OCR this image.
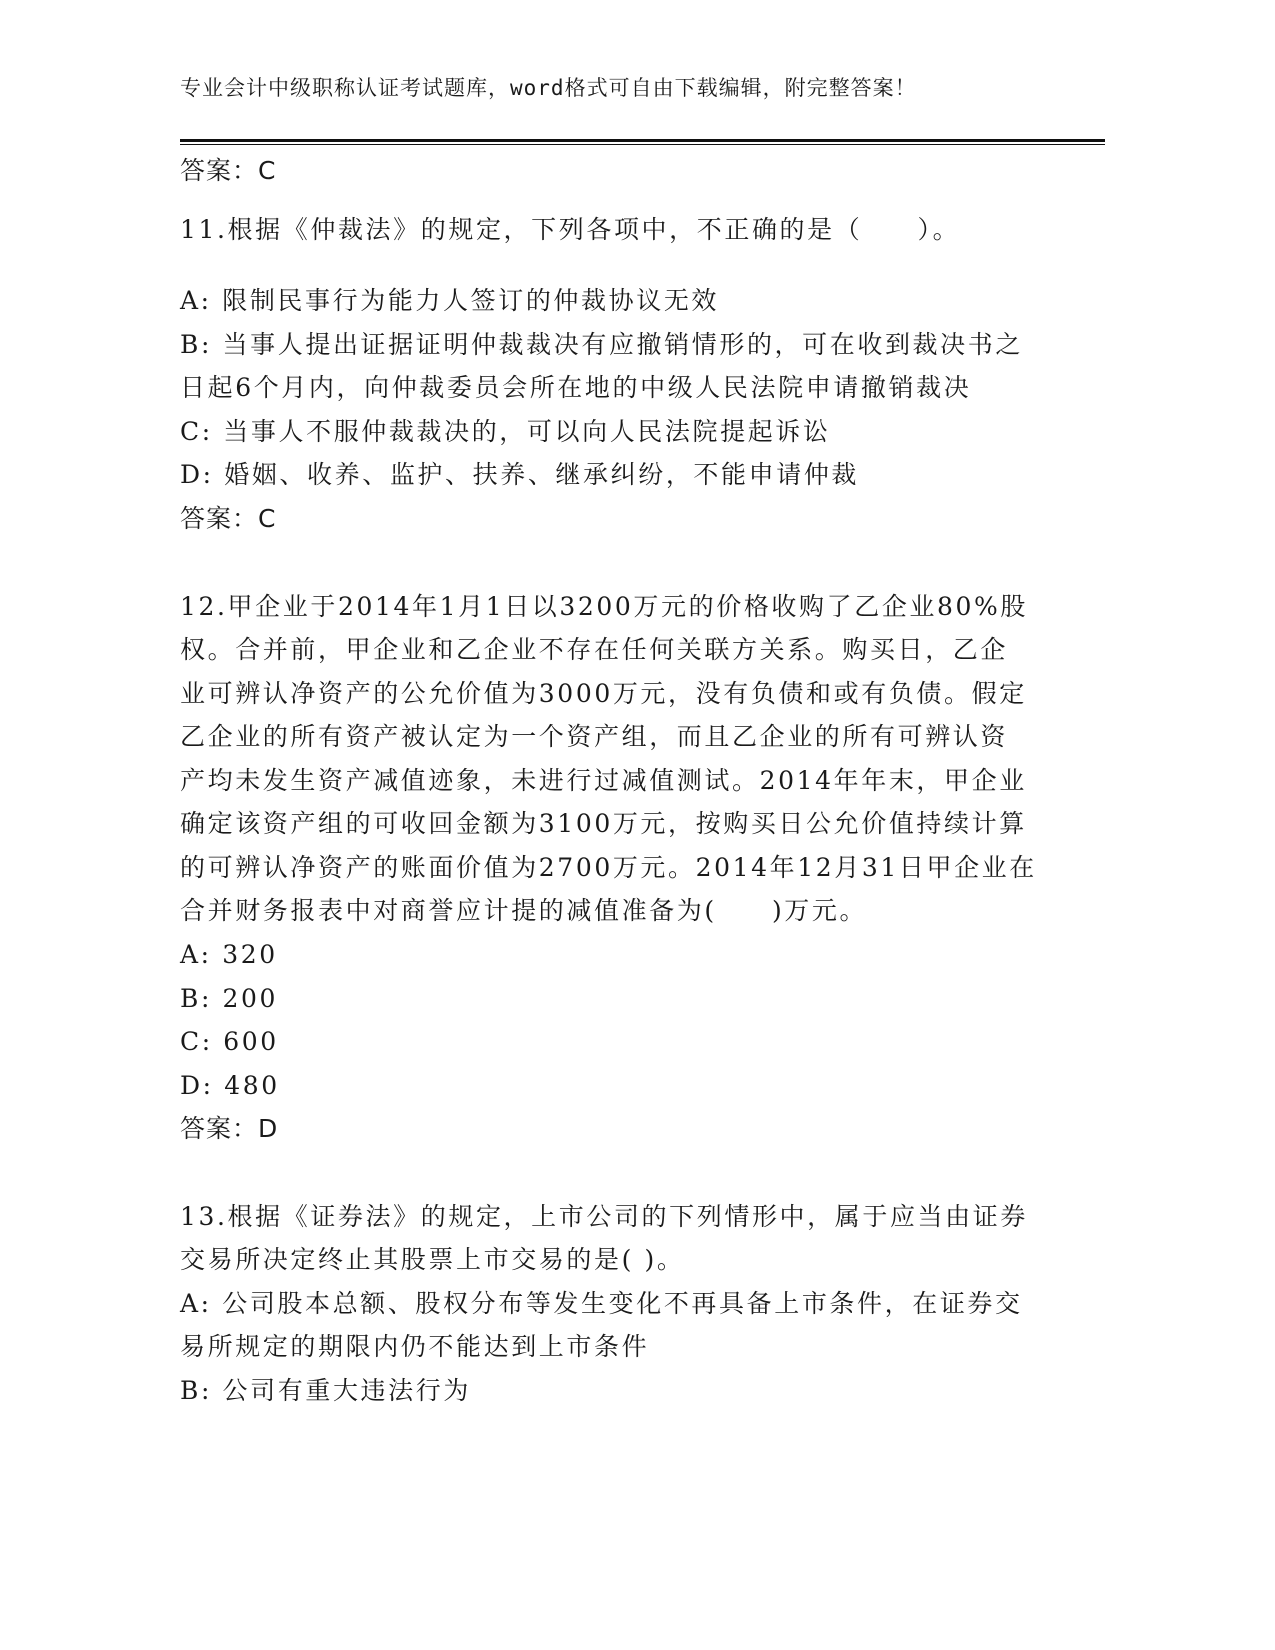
专业会计中级职称认证考试题库，word格式可自由下载编辑，附完整答案！
答案：C
11.根据《仲裁法》的规定，下列各项中，不正确的是（　　）。
A: 限制民事行为能力人签订的仲裁协议无效
B: 当事人提出证据证明仲裁裁决有应撤销情形的，可在收到裁决书之
日起6个月内，向仲裁委员会所在地的中级人民法院申请撤销裁决
C: 当事人不服仲裁裁决的，可以向人民法院提起诉讼
D: 婚姻、收养、监护、扶养、继承纠纷，不能申请仲裁
答案：C
12.甲企业于2014年1月1日以3200万元的价格收购了乙企业80%股
权。合并前，甲企业和乙企业不存在任何关联方关系。购买日，乙企
业可辨认净资产的公允价值为3000万元，没有负债和或有负债。假定
乙企业的所有资产被认定为一个资产组，而且乙企业的所有可辨认资
产均未发生资产减值迹象，未进行过减值测试。2014年年末，甲企业
确定该资产组的可收回金额为3100万元，按购买日公允价值持续计算
的可辨认净资产的账面价值为2700万元。2014年12月31日甲企业在
合并财务报表中对商誉应计提的减值准备为(　　)万元。
A: 320
B: 200
C: 600
D: 480
答案：D
13.根据《证券法》的规定，上市公司的下列情形中，属于应当由证券
交易所决定终止其股票上市交易的是( )。
A: 公司股本总额、股权分布等发生变化不再具备上市条件，在证券交
易所规定的期限内仍不能达到上市条件
B: 公司有重大违法行为
